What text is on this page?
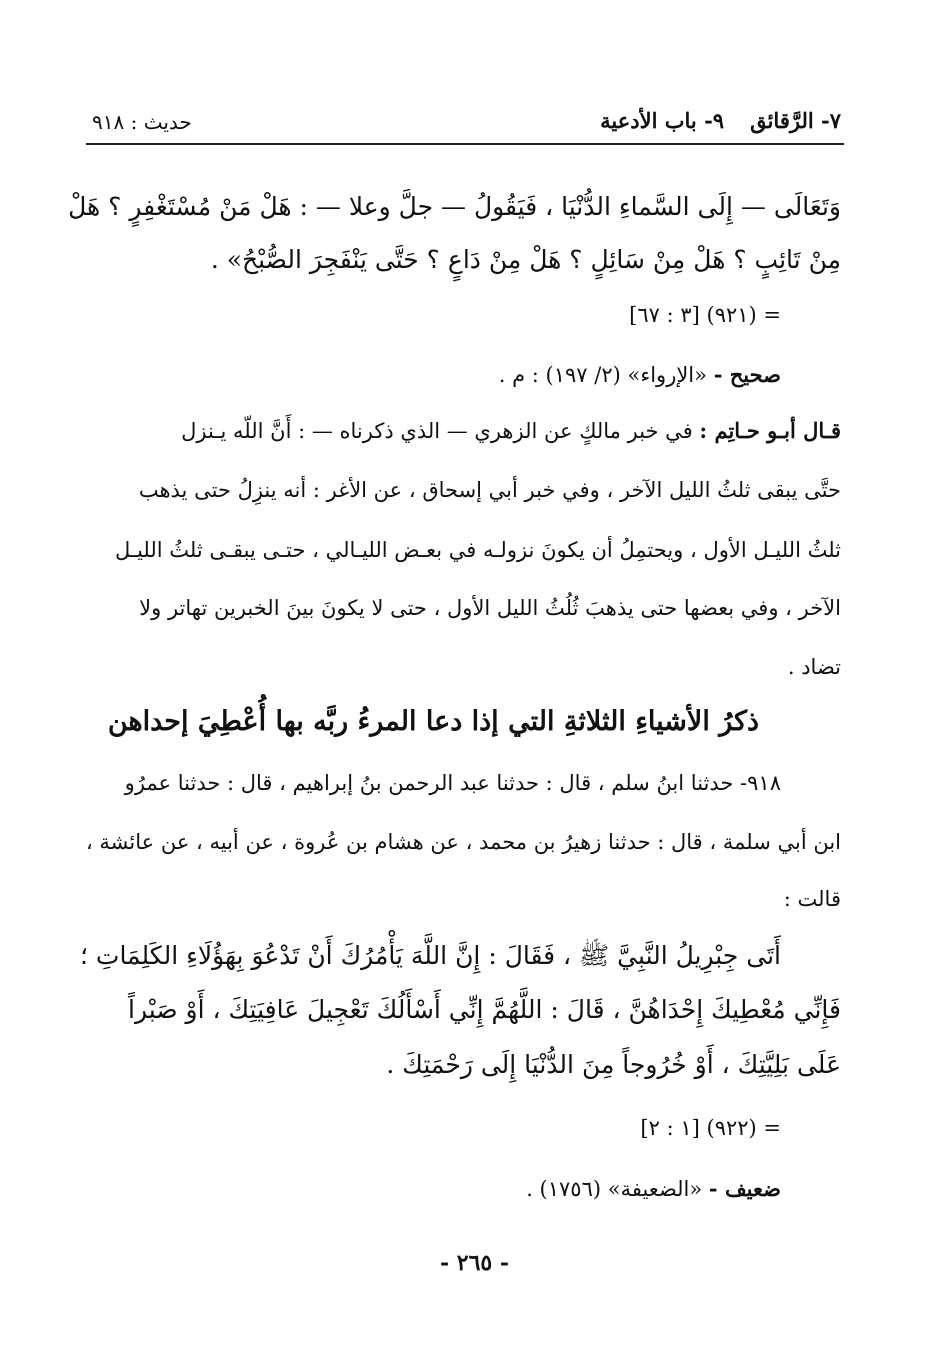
٧- الرَّقائق٩- باب الأدعية
حديث : ٩١٨
وَتَعَالَى — إِلَى السَّماءِ الدُّنْيَا ، فَيَقُولُ — جلَّ وعلا — : هَلْ مَنْ مُسْتَغْفِرٍ ؟ هَلْ
مِنْ تَائِبٍ ؟ هَلْ مِنْ سَائِلٍ ؟ هَلْ مِنْ دَاعٍ ؟ حَتَّى يَنْفَجِرَ الصُّبْحُ» .
= (٩٢١) [٣ : ٦٧]
صحيح - «الإرواء» (٢/ ١٩٧) : م .
قـال أبـو حـاتِم : في خبر مالكٍ عن الزهري — الذي ذكرناه — : أَنَّ اللّه يـنزل
حتَّى يبقى ثلثُ الليل الآخر ، وفي خبر أبي إسحاق ، عن الأغر : أنه ينزِلُ حتى يذهب
ثلثُ الليـل الأول ، ويحتمِلُ أن يكونَ نزولـه في بعـض الليـالي ، حتـى يبقـى ثلثُ الليـل
الآخر ، وفي بعضها حتى يذهبَ ثُلُثُ الليل الأول ، حتى لا يكونَ بينَ الخبرين تهاتر ولا
تضاد .
ذكرُ الأشياءِ الثلاثةِ التي إذا دعا المرءُ ربَّه بها أُعْطِيَ إحداهن
٩١٨- حدثنا ابنُ سلم ، قال : حدثنا عبد الرحمن بنُ إبراهيم ، قال : حدثنا عمرُو
ابن أبي سلمة ، قال : حدثنا زهيرُ بن محمد ، عن هشام بن عُروة ، عن أبيه ، عن عائشة ،
قالت :
أَتَى جِبْرِيلُ النَّبِيَّ ﷺ ، فَقَالَ : إِنَّ اللَّهَ يَأْمُرُكَ أَنْ تَدْعُوَ بِهَؤُلَاءِ الكَلِمَاتِ ؛
فَإِنِّي مُعْطِيكَ إِحْدَاهُنَّ ، قَالَ : اللَّهُمَّ إِنِّي أَسْأَلُكَ تَعْجِيلَ عَافِيَتِكَ ، أَوْ صَبْراً
عَلَى بَلِيَّتِكَ ، أَوْ خُرُوجاً مِنَ الدُّنْيَا إِلَى رَحْمَتِكَ .
= (٩٢٢) [١ : ٢]
ضعيف - «الضعيفة» (١٧٥٦) .
- ٢٦٥ -
